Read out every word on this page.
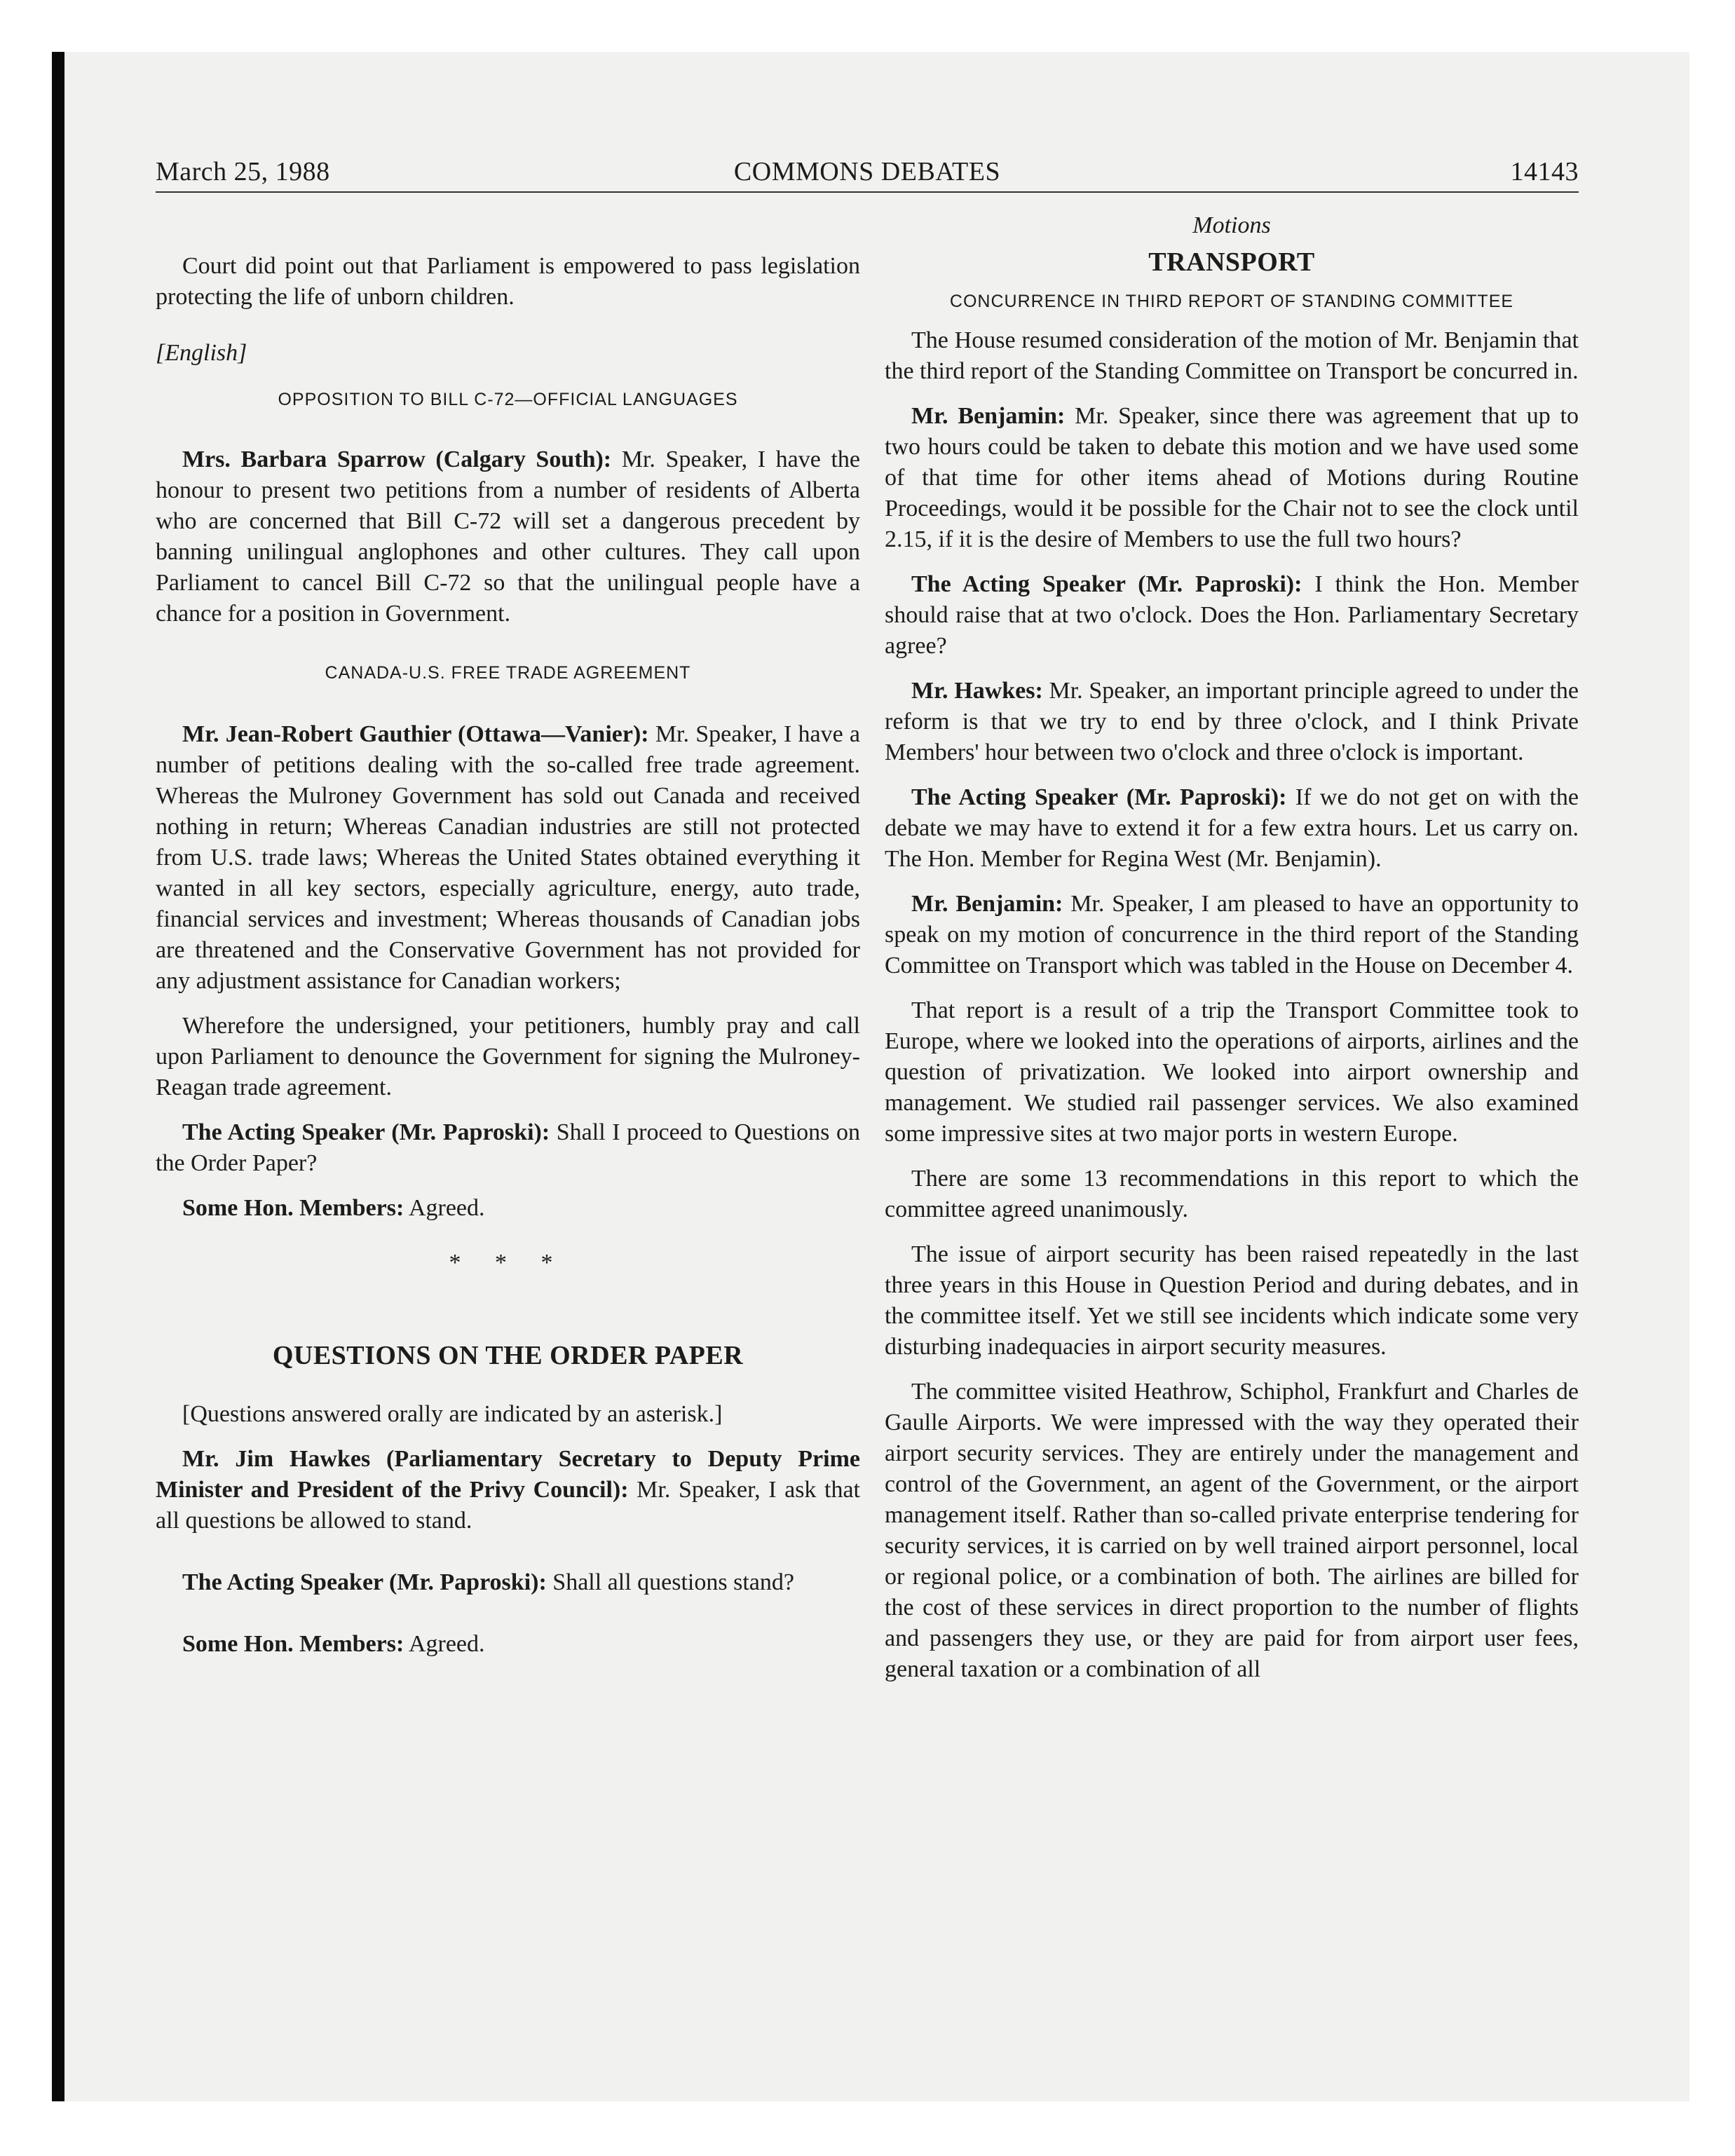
March 25, 1988	COMMONS DEBATES	14143

Court did point out that Parliament is empowered to pass legislation protecting the life of unborn children.

[English]

OPPOSITION TO BILL C-72—OFFICIAL LANGUAGES

Mrs. Barbara Sparrow (Calgary South): Mr. Speaker, I have the honour to present two petitions from a number of residents of Alberta who are concerned that Bill C-72 will set a dangerous precedent by banning unilingual anglophones and other cultures. They call upon Parliament to cancel Bill C-72 so that the unilingual people have a chance for a position in Government.

CANADA-U.S. FREE TRADE AGREEMENT

Mr. Jean-Robert Gauthier (Ottawa—Vanier): Mr. Speaker, I have a number of petitions dealing with the so-called free trade agreement. Whereas the Mulroney Government has sold out Canada and received nothing in return; Whereas Canadian industries are still not protected from U.S. trade laws; Whereas the United States obtained everything it wanted in all key sectors, especially agriculture, energy, auto trade, financial services and investment; Whereas thousands of Canadian jobs are threatened and the Conservative Government has not provided for any adjustment assistance for Canadian workers;

Wherefore the undersigned, your petitioners, humbly pray and call upon Parliament to denounce the Government for signing the Mulroney-Reagan trade agreement.

The Acting Speaker (Mr. Paproski): Shall I proceed to Questions on the Order Paper?

Some Hon. Members: Agreed.

* * *

QUESTIONS ON THE ORDER PAPER

[Questions answered orally are indicated by an asterisk.]

Mr. Jim Hawkes (Parliamentary Secretary to Deputy Prime Minister and President of the Privy Council): Mr. Speaker, I ask that all questions be allowed to stand.

The Acting Speaker (Mr. Paproski): Shall all questions stand?

Some Hon. Members: Agreed.

Motions

TRANSPORT

CONCURRENCE IN THIRD REPORT OF STANDING COMMITTEE

The House resumed consideration of the motion of Mr. Benjamin that the third report of the Standing Committee on Transport be concurred in.

Mr. Benjamin: Mr. Speaker, since there was agreement that up to two hours could be taken to debate this motion and we have used some of that time for other items ahead of Motions during Routine Proceedings, would it be possible for the Chair not to see the clock until 2.15, if it is the desire of Members to use the full two hours?

The Acting Speaker (Mr. Paproski): I think the Hon. Member should raise that at two o'clock. Does the Hon. Parliamentary Secretary agree?

Mr. Hawkes: Mr. Speaker, an important principle agreed to under the reform is that we try to end by three o'clock, and I think Private Members' hour between two o'clock and three o'clock is important.

The Acting Speaker (Mr. Paproski): If we do not get on with the debate we may have to extend it for a few extra hours. Let us carry on. The Hon. Member for Regina West (Mr. Benjamin).

Mr. Benjamin: Mr. Speaker, I am pleased to have an opportunity to speak on my motion of concurrence in the third report of the Standing Committee on Transport which was tabled in the House on December 4.

That report is a result of a trip the Transport Committee took to Europe, where we looked into the operations of airports, airlines and the question of privatization. We looked into airport ownership and management. We studied rail passenger services. We also examined some impressive sites at two major ports in western Europe.

There are some 13 recommendations in this report to which the committee agreed unanimously.

The issue of airport security has been raised repeatedly in the last three years in this House in Question Period and during debates, and in the committee itself. Yet we still see incidents which indicate some very disturbing inadequacies in airport security measures.

The committee visited Heathrow, Schiphol, Frankfurt and Charles de Gaulle Airports. We were impressed with the way they operated their airport security services. They are entirely under the management and control of the Government, an agent of the Government, or the airport management itself. Rather than so-called private enterprise tendering for security services, it is carried on by well trained airport personnel, local or regional police, or a combination of both. The airlines are billed for the cost of these services in direct proportion to the number of flights and passengers they use, or they are paid for from airport user fees, general taxation or a combination of all
